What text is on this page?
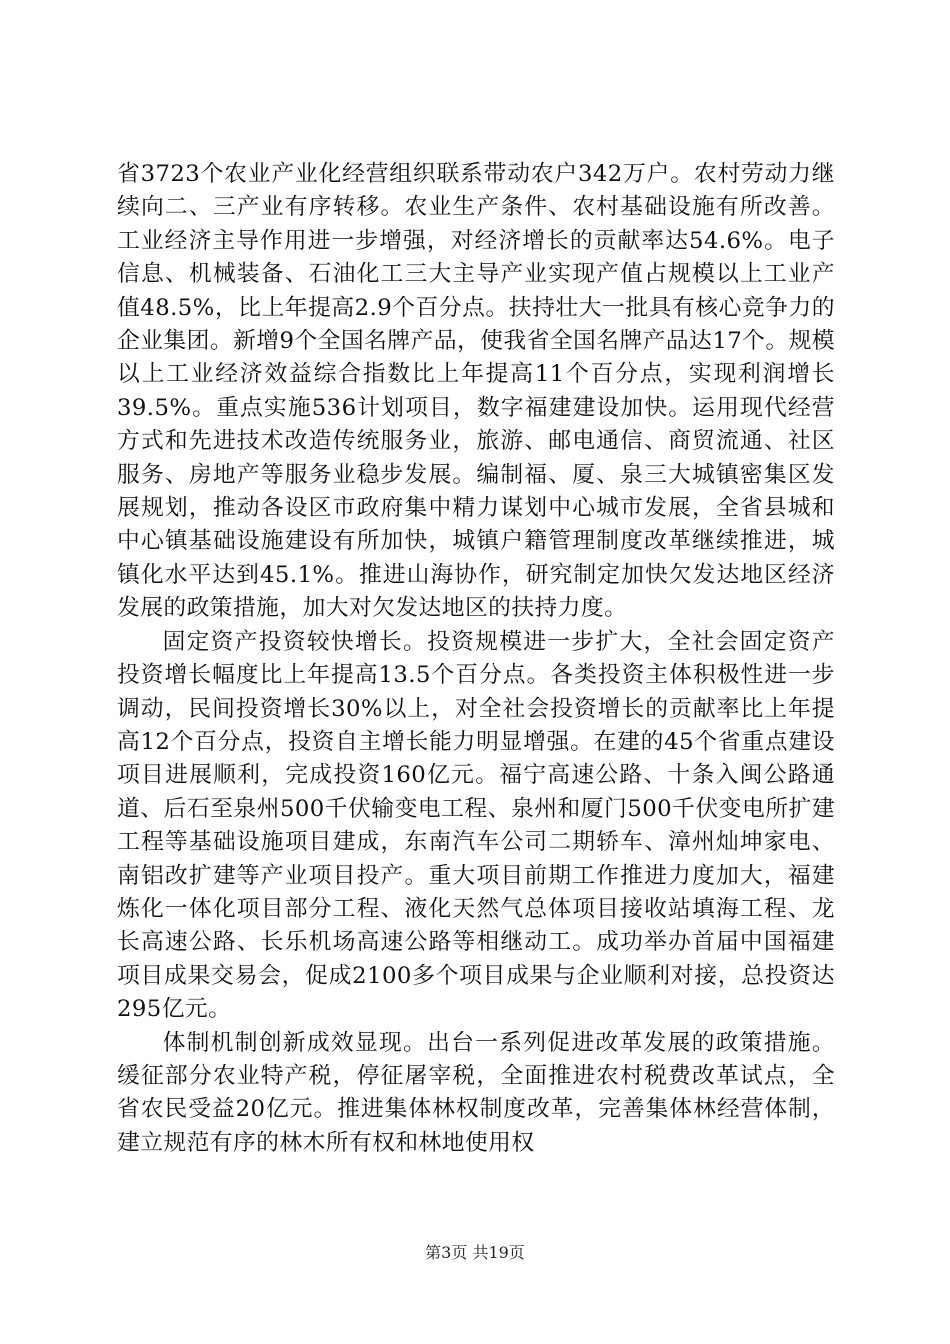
省3723个农业产业化经营组织联系带动农户342万户。农村劳动力继续向二、三产业有序转移。农业生产条件、农村基础设施有所改善。工业经济主导作用进一步增强，对经济增长的贡献率达54.6%。电子信息、机械装备、石油化工三大主导产业实现产值占规模以上工业产值48.5%，比上年提高2.9个百分点。扶持壮大一批具有核心竞争力的企业集团。新增9个全国名牌产品，使我省全国名牌产品达17个。规模以上工业经济效益综合指数比上年提高11个百分点，实现利润增长39.5%。重点实施536计划项目，数字福建建设加快。运用现代经营方式和先进技术改造传统服务业，旅游、邮电通信、商贸流通、社区服务、房地产等服务业稳步发展。编制福、厦、泉三大城镇密集区发展规划，推动各设区市政府集中精力谋划中心城市发展，全省县城和中心镇基础设施建设有所加快，城镇户籍管理制度改革继续推进，城镇化水平达到45.1%。推进山海协作，研究制定加快欠发达地区经济发展的政策措施，加大对欠发达地区的扶持力度。

固定资产投资较快增长。投资规模进一步扩大，全社会固定资产投资增长幅度比上年提高13.5个百分点。各类投资主体积极性进一步调动，民间投资增长30%以上，对全社会投资增长的贡献率比上年提高12个百分点，投资自主增长能力明显增强。在建的45个省重点建设项目进展顺利，完成投资160亿元。福宁高速公路、十条入闽公路通道、后石至泉州500千伏输变电工程、泉州和厦门500千伏变电所扩建工程等基础设施项目建成，东南汽车公司二期轿车、漳州灿坤家电、南铝改扩建等产业项目投产。重大项目前期工作推进力度加大，福建炼化一体化项目部分工程、液化天然气总体项目接收站填海工程、龙长高速公路、长乐机场高速公路等相继动工。成功举办首届中国福建项目成果交易会，促成2100多个项目成果与企业顺利对接，总投资达295亿元。

体制机制创新成效显现。出台一系列促进改革发展的政策措施。缓征部分农业特产税，停征屠宰税，全面推进农村税费改革试点，全省农民受益20亿元。推进集体林权制度改革，完善集体林经营体制，建立规范有序的林木所有权和林地使用权

第3页 共19页
